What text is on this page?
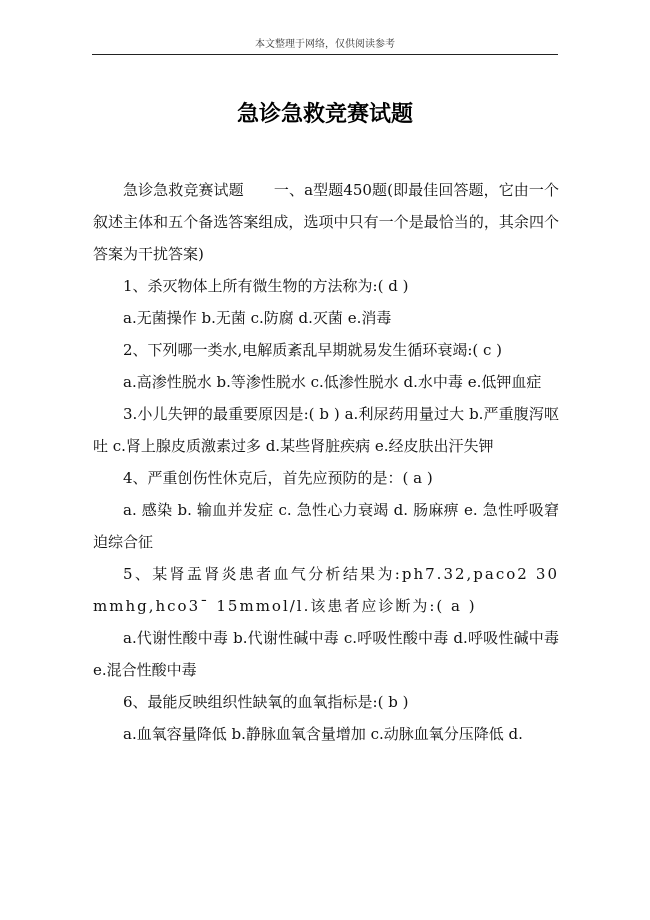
本文整理于网络，仅供阅读参考
急诊急救竞赛试题

急诊急救竞赛试题　　一、a型题450题(即最佳回答题，它由一个叙述主体和五个备选答案组成，选项中只有一个是最恰当的，其余四个答案为干扰答案)

1、杀灭物体上所有微生物的方法称为:( d )

a.无菌操作 b.无菌 c.防腐 d.灭菌 e.消毒

2、下列哪一类水,电解质紊乱早期就易发生循环衰竭:( c )

a.高渗性脱水 b.等渗性脱水 c.低渗性脱水 d.水中毒 e.低钾血症

3.小儿失钾的最重要原因是:( b ) a.利尿药用量过大 b.严重腹泻呕吐 c.肾上腺皮质激素过多 d.某些肾脏疾病 e.经皮肤出汗失钾

4、严重创伤性休克后，首先应预防的是：( a )

a. 感染 b. 输血并发症 c. 急性心力衰竭 d. 肠麻痹 e. 急性呼吸窘迫综合征

5、某肾盂肾炎患者血气分析结果为:ph7.32,paco2 30mmhg,hco3¯ 15mmol/l.该患者应诊断为:( a )

a.代谢性酸中毒 b.代谢性碱中毒 c.呼吸性酸中毒 d.呼吸性碱中毒 e.混合性酸中毒

6、最能反映组织性缺氧的血氧指标是:( b )

a.血氧容量降低 b.静脉血氧含量增加 c.动脉血氧分压降低 d.
